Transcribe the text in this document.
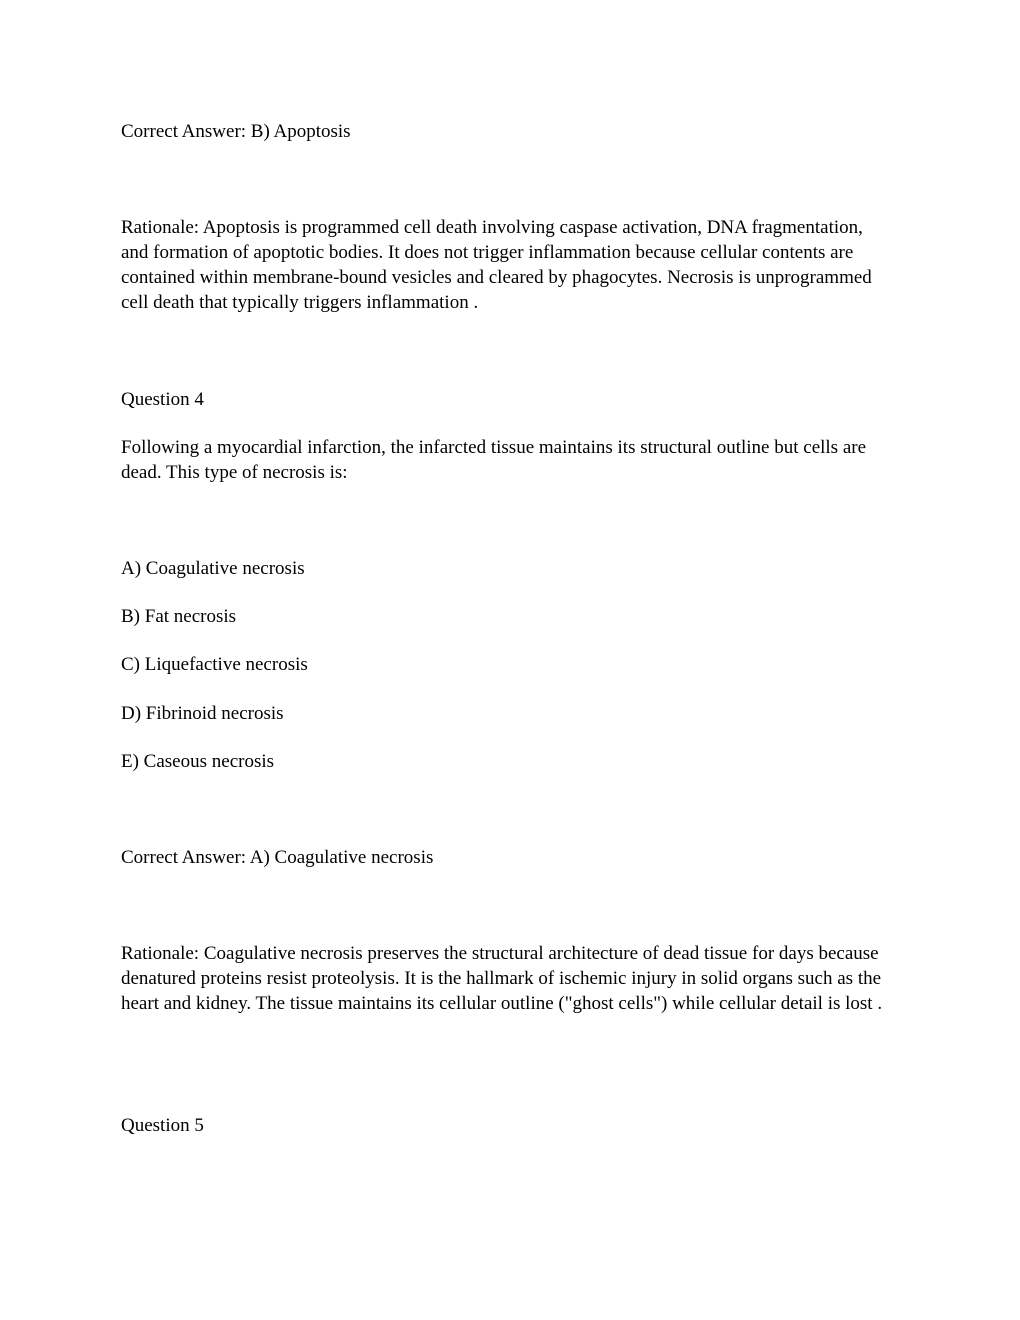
Correct Answer: B) Apoptosis

Rationale: Apoptosis is programmed cell death involving caspase activation, DNA fragmentation, and formation of apoptotic bodies. It does not trigger inflammation because cellular contents are contained within membrane-bound vesicles and cleared by phagocytes. Necrosis is unprogrammed cell death that typically triggers inflammation .

Question 4

Following a myocardial infarction, the infarcted tissue maintains its structural outline but cells are dead. This type of necrosis is:

A) Coagulative necrosis

B) Fat necrosis

C) Liquefactive necrosis

D) Fibrinoid necrosis

E) Caseous necrosis

Correct Answer: A) Coagulative necrosis

Rationale: Coagulative necrosis preserves the structural architecture of dead tissue for days because denatured proteins resist proteolysis. It is the hallmark of ischemic injury in solid organs such as the heart and kidney. The tissue maintains its cellular outline ("ghost cells") while cellular detail is lost .

Question 5
